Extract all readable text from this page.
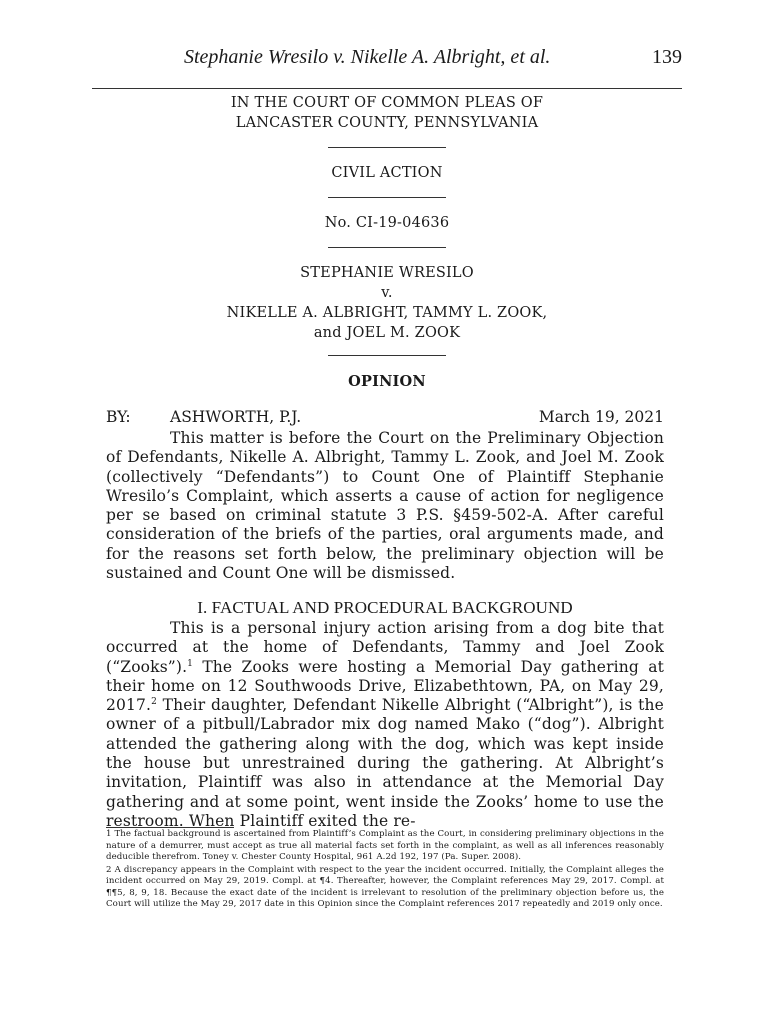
Stephanie Wresilo v. Nikelle A. Albright, et al.	139
IN THE COURT OF COMMON PLEAS OF
LANCASTER COUNTY, PENNSYLVANIA
CIVIL ACTION
No. CI-19-04636
STEPHANIE WRESILO
v.
NIKELLE A. ALBRIGHT, TAMMY L. ZOOK,
and JOEL M. ZOOK
OPINION
BY:	ASHWORTH, P.J.	March 19, 2021

This matter is before the Court on the Preliminary Objection of Defendants, Nikelle A. Albright, Tammy L. Zook, and Joel M. Zook (collectively “Defendants”) to Count One of Plaintiff Stephanie Wresilo’s Complaint, which asserts a cause of action for negligence per se based on criminal statute 3 P.S. §459-502-A. After careful consideration of the briefs of the parties, oral arguments made, and for the reasons set forth below, the preliminary objection will be sustained and Count One will be dismissed.

I. FACTUAL AND PROCEDURAL BACKGROUND

This is a personal injury action arising from a dog bite that occurred at the home of Defendants, Tammy and Joel Zook (“Zooks”).$^1$ The Zooks were hosting a Memorial Day gathering at their home on 12 Southwoods Drive, Elizabethtown, PA, on May 29, 2017.$^2$ Their daughter, Defendant Nikelle Albright (“Albright”), is the owner of a pitbull/Labrador mix dog named Mako (“dog”). Albright attended the gathering along with the dog, which was kept inside the house but unrestrained during the gathering. At Albright’s invitation, Plaintiff was also in attendance at the Memorial Day gathering and at some point, went inside the Zooks’ home to use the restroom. When Plaintiff exited the re-

1 The factual background is ascertained from Plaintiff’s Complaint as the Court, in considering preliminary objections in the nature of a demurrer, must accept as true all material facts set forth in the complaint, as well as all inferences reasonably deducible therefrom. Toney v. Chester County Hospital, 961 A.2d 192, 197 (Pa. Super. 2008).

2 A discrepancy appears in the Complaint with respect to the year the incident occurred. Initially, the Complaint alleges the incident occurred on May 29, 2019. Compl. at ¶4. Thereafter, however, the Complaint references May 29, 2017. Compl. at ¶¶5, 8, 9, 18. Because the exact date of the incident is irrelevant to resolution of the preliminary objection before us, the Court will utilize the May 29, 2017 date in this Opinion since the Complaint references 2017 repeatedly and 2019 only once.
